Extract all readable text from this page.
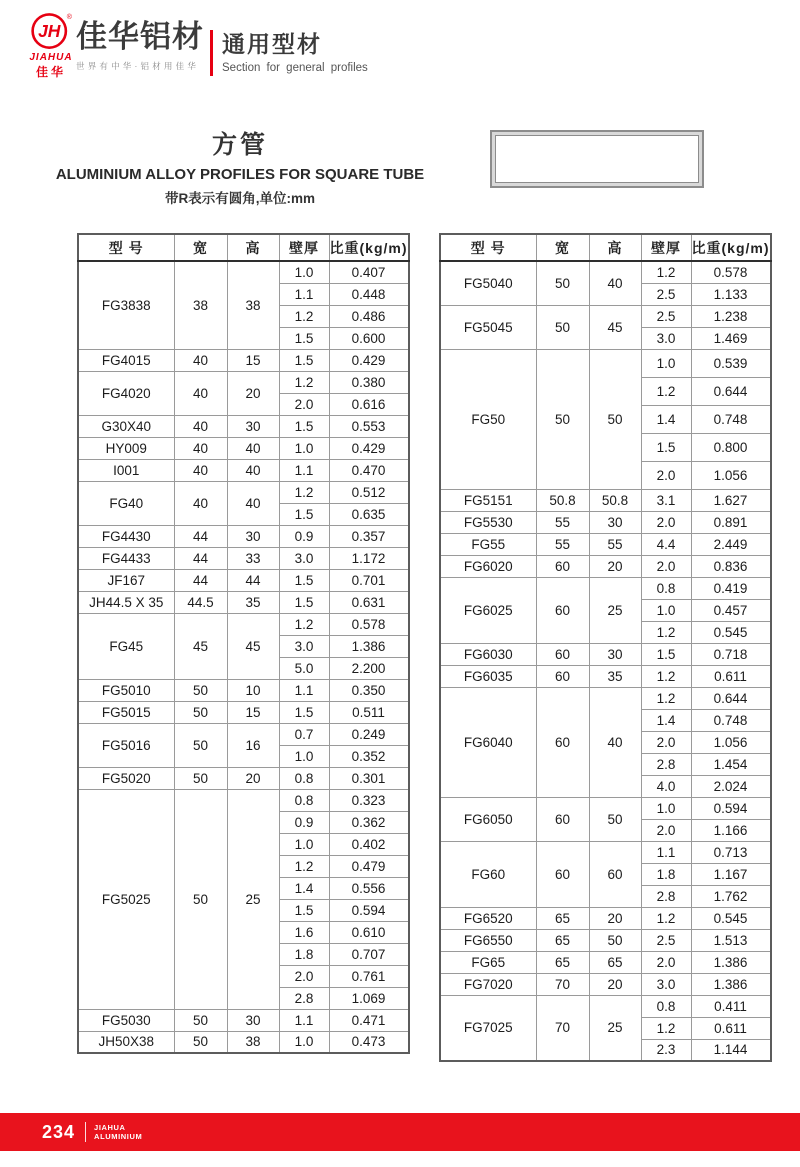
JH
®
JIAHUA
佳华
佳华铝材
世界有中华·铝材用佳华
通用型材
Section for general profiles
方管
ALUMINIUM ALLOY PROFILES FOR SQUARE TUBE
带R表示有圆角,单位:mm
型 号	宽	高	壁厚	比重(kg/m)
FG3838	38	38	1.0	0.407
			1.1	0.448
			1.2	0.486
			1.5	0.600
FG4015	40	15	1.5	0.429
FG4020	40	20	1.2	0.380
			2.0	0.616
G30X40	40	30	1.5	0.553
HY009	40	40	1.0	0.429
I001	40	40	1.1	0.470
FG40	40	40	1.2	0.512
			1.5	0.635
FG4430	44	30	0.9	0.357
FG4433	44	33	3.0	1.172
JF167	44	44	1.5	0.701
JH44.5 X 35	44.5	35	1.5	0.631
FG45	45	45	1.2	0.578
			3.0	1.386
			5.0	2.200
FG5010	50	10	1.1	0.350
FG5015	50	15	1.5	0.511
FG5016	50	16	0.7	0.249
			1.0	0.352
FG5020	50	20	0.8	0.301
FG5025	50	25	0.8	0.323
			0.9	0.362
			1.0	0.402
			1.2	0.479
			1.4	0.556
			1.5	0.594
			1.6	0.610
			1.8	0.707
			2.0	0.761
			2.8	1.069
FG5030	50	30	1.1	0.471
JH50X38	50	38	1.0	0.473
型 号	宽	高	壁厚	比重(kg/m)
FG5040	50	40	1.2	0.578
			2.5	1.133
FG5045	50	45	2.5	1.238
			3.0	1.469
FG50	50	50	1.0	0.539
			1.2	0.644
			1.4	0.748
			1.5	0.800
			2.0	1.056
FG5151	50.8	50.8	3.1	1.627
FG5530	55	30	2.0	0.891
FG55	55	55	4.4	2.449
FG6020	60	20	2.0	0.836
FG6025	60	25	0.8	0.419
			1.0	0.457
			1.2	0.545
FG6030	60	30	1.5	0.718
FG6035	60	35	1.2	0.611
FG6040	60	40	1.2	0.644
			1.4	0.748
			2.0	1.056
			2.8	1.454
			4.0	2.024
FG6050	60	50	1.0	0.594
			2.0	1.166
FG60	60	60	1.1	0.713
			1.8	1.167
			2.8	1.762
FG6520	65	20	1.2	0.545
FG6550	65	50	2.5	1.513
FG65	65	65	2.0	1.386
FG7020	70	20	3.0	1.386
FG7025	70	25	0.8	0.411
			1.2	0.611
			2.3	1.144
234	JIAHUA
ALUMINIUM
